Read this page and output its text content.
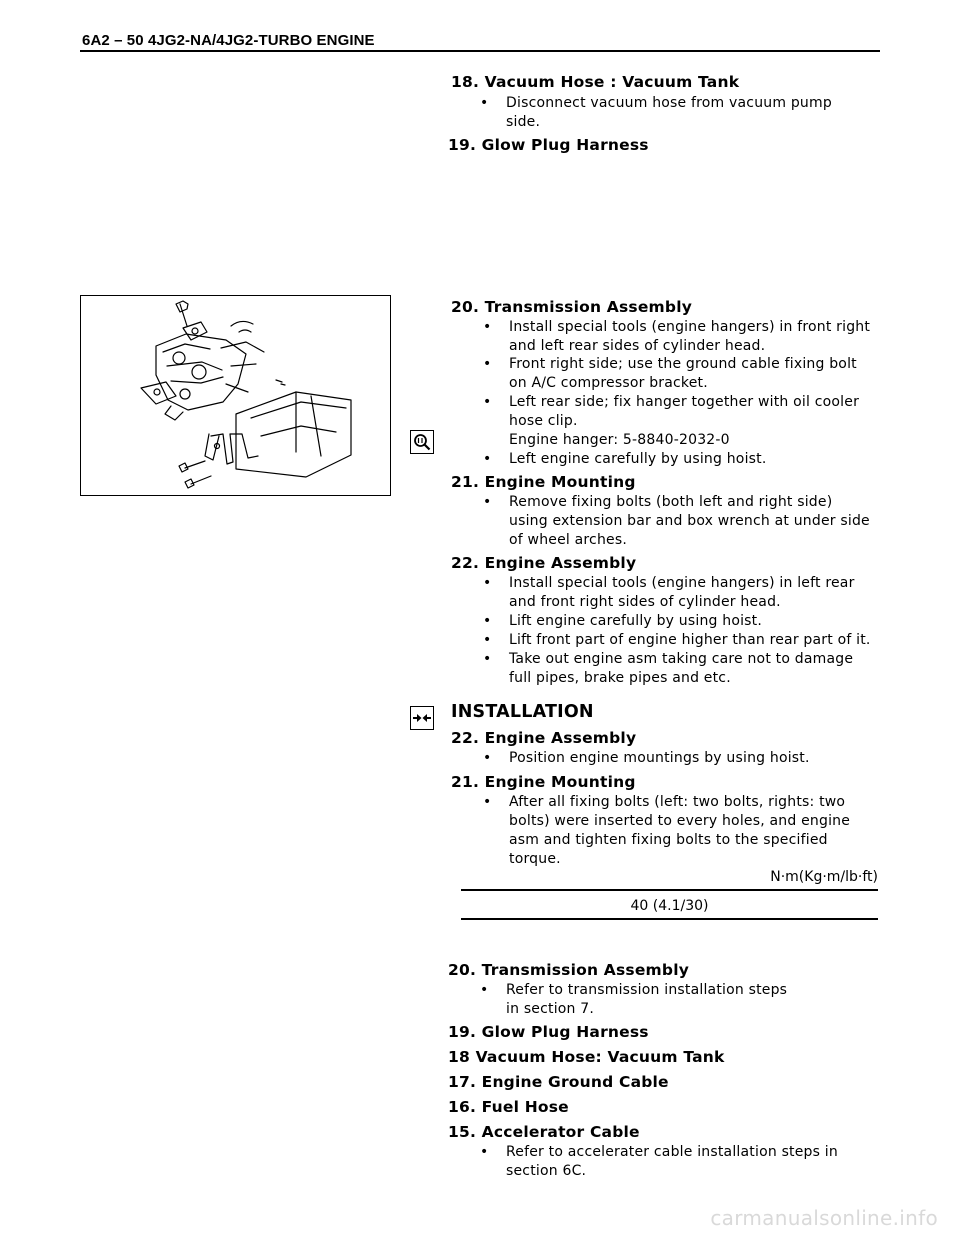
6A2 – 50 4JG2-NA/4JG2-TURBO ENGINE
18. Vacuum Hose : Vacuum Tank
• Disconnect vacuum hose from vacuum pump
side.
19. Glow Plug Harness
20. Transmission Assembly
• Install special tools (engine hangers) in front right
and left rear sides of cylinder head.
• Front right side; use the ground cable fixing bolt
on A/C compressor bracket.
• Left rear side; fix hanger together with oil cooler
hose clip.
Engine hanger: 5-8840-2032-0
• Left engine carefully by using hoist.
21. Engine Mounting
• Remove fixing bolts (both left and right side)
using extension bar and box wrench at under side
of wheel arches.
22. Engine Assembly
• Install special tools (engine hangers) in left rear
and front right sides of cylinder head.
• Lift engine carefully by using hoist.
• Lift front part of engine higher than rear part of it.
• Take out engine asm taking care not to damage
full pipes, brake pipes and etc.
INSTALLATION
22. Engine Assembly
• Position engine mountings by using hoist.
21. Engine Mounting
• After all fixing bolts (left: two bolts, rights: two
bolts) were inserted to every holes, and engine
asm and tighten fixing bolts to the specified
torque.
N·m(Kg·m/lb·ft)
40 (4.1/30)
20. Transmission Assembly
• Refer to transmission installation steps
in section 7.
19. Glow Plug Harness
18 Vacuum Hose: Vacuum Tank
17. Engine Ground Cable
16. Fuel Hose
15. Accelerator Cable
• Refer to accelerater cable installation steps in
section 6C.
carmanualsonline.info
